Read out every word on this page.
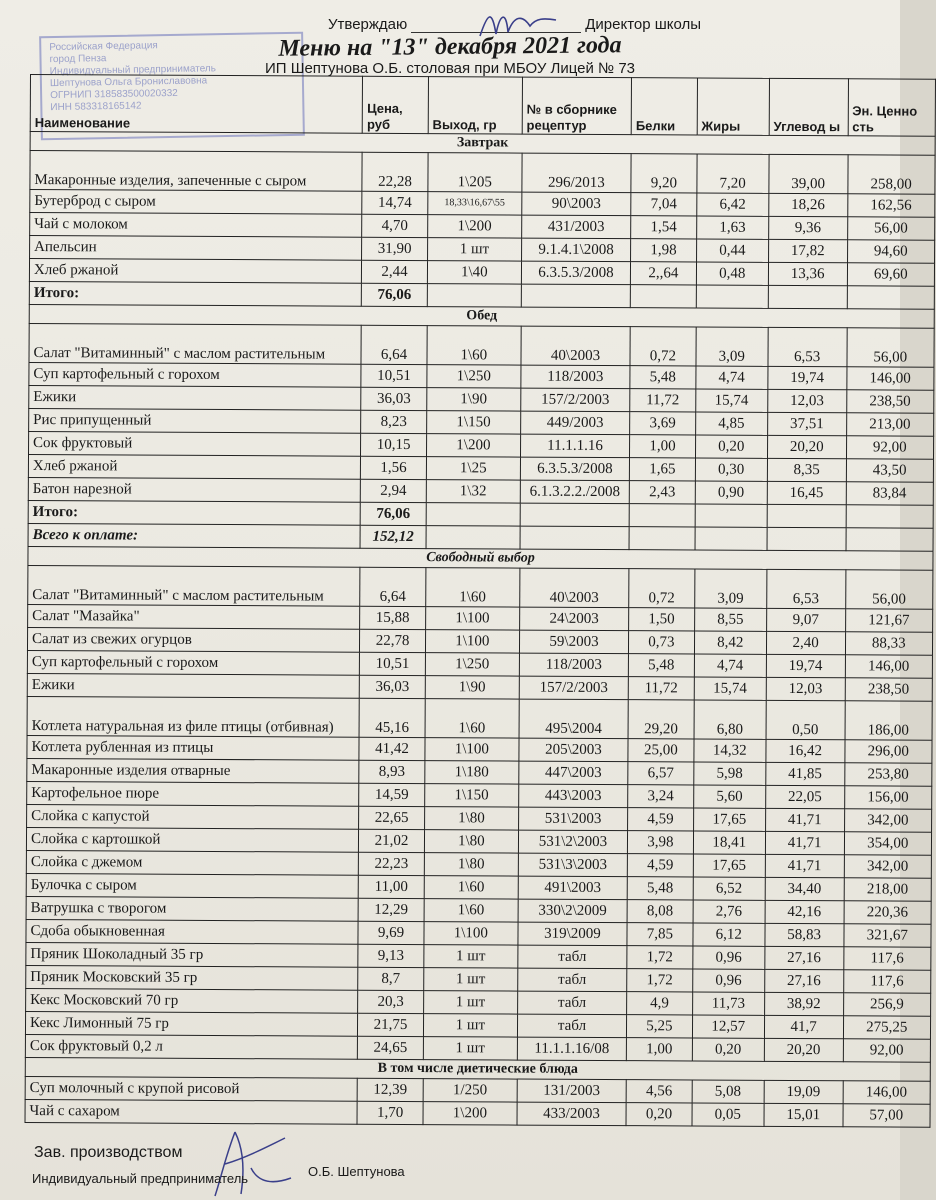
Российская Федерация
город Пенза
Индивидуальный предприниматель
Шептунова Ольга Брониславовна
ОГРНИП 318583500020332
ИНН 583318165142
Утверждаю	Директор школы
Меню на "13" декабря 2021 года
ИП Шептунова О.Б. столовая при МБОУ Лицей № 73
Наименование	Цена, руб	Выход, гр	№ в сборнике рецептур	Белки	Жиры	Углевод ы	Эн. Ценно сть
Завтрак							
Макаронные изделия, запеченные с сыром	22,28	1\205	296/2013	9,20	7,20	39,00	258,00
Бутерброд с сыром	14,74	18,33\16,67\55	90\2003	7,04	6,42	18,26	162,56
Чай с молоком	4,70	1\200	431/2003	1,54	1,63	9,36	56,00
Апельсин	31,90	1 шт	9.1.4.1\2008	1,98	0,44	17,82	94,60
Хлеб ржаной	2,44	1\40	6.3.5.3/2008	2,,64	0,48	13,36	69,60
Итого:	76,06						
Обед							
Салат "Витаминный" с маслом растительным	6,64	1\60	40\2003	0,72	3,09	6,53	56,00
Суп картофельный с горохом	10,51	1\250	118/2003	5,48	4,74	19,74	146,00
Ежики	36,03	1\90	157/2/2003	11,72	15,74	12,03	238,50
Рис припущенный	8,23	1\150	449/2003	3,69	4,85	37,51	213,00
Сок фруктовый	10,15	1\200	11.1.1.16	1,00	0,20	20,20	92,00
Хлеб ржаной	1,56	1\25	6.3.5.3/2008	1,65	0,30	8,35	43,50
Батон нарезной	2,94	1\32	6.1.3.2.2./2008	2,43	0,90	16,45	83,84
Итого:	76,06						
Всего к оплате:	152,12						
Свободный выбор							
Салат "Витаминный" с маслом растительным	6,64	1\60	40\2003	0,72	3,09	6,53	56,00
Салат "Мазайка"	15,88	1\100	24\2003	1,50	8,55	9,07	121,67
Салат из свежих огурцов	22,78	1\100	59\2003	0,73	8,42	2,40	88,33
Суп картофельный с горохом	10,51	1\250	118/2003	5,48	4,74	19,74	146,00
Ежики	36,03	1\90	157/2/2003	11,72	15,74	12,03	238,50
Котлета натуральная из филе птицы (отбивная)	45,16	1\60	495\2004	29,20	6,80	0,50	186,00
Котлета рубленная из птицы	41,42	1\100	205\2003	25,00	14,32	16,42	296,00
Макаронные изделия отварные	8,93	1\180	447\2003	6,57	5,98	41,85	253,80
Картофельное пюре	14,59	1\150	443\2003	3,24	5,60	22,05	156,00
Слойка с капустой	22,65	1\80	531\2003	4,59	17,65	41,71	342,00
Слойка с картошкой	21,02	1\80	531\2\2003	3,98	18,41	41,71	354,00
Слойка с джемом	22,23	1\80	531\3\2003	4,59	17,65	41,71	342,00
Булочка с сыром	11,00	1\60	491\2003	5,48	6,52	34,40	218,00
Ватрушка с творогом	12,29	1\60	330\2\2009	8,08	2,76	42,16	220,36
Сдоба обыкновенная	9,69	1\100	319\2009	7,85	6,12	58,83	321,67
Пряник Шоколадный 35 гр	9,13	1 шт	табл	1,72	0,96	27,16	117,6
Пряник Московский 35 гр	8,7	1 шт	табл	1,72	0,96	27,16	117,6
Кекс Московский 70 гр	20,3	1 шт	табл	4,9	11,73	38,92	256,9
Кекс Лимонный 75 гр	21,75	1 шт	табл	5,25	12,57	41,7	275,25
Сок фруктовый 0,2 л	24,65	1 шт	11.1.1.16/08	1,00	0,20	20,20	92,00
В том числе диетические блюда							
Суп молочный с крупой рисовой	12,39	1/250	131/2003	4,56	5,08	19,09	146,00
Чай с сахаром	1,70	1\200	433/2003	0,20	0,05	15,01	57,00
Зав. производством
Индивидуальный предприниматель	О.Б. Шептунова
